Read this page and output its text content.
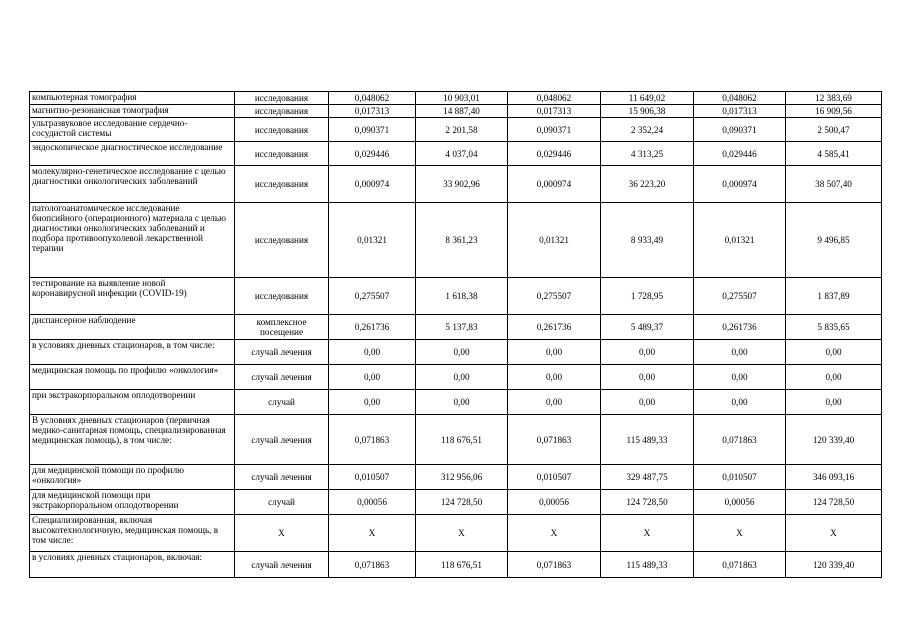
компьютерная томография	исследования	0,048062	10 903,01	0,048062	11 649,02	0,048062	12 383,69
магнитно-резонансная томография	исследования	0,017313	14 887,40	0,017313	15 906,38	0,017313	16 909,56
ультразвуковое исследование сердечно-сосудистой системы	исследования	0,090371	2 201,58	0,090371	2 352,24	0,090371	2 500,47
эндоскопическое диагностическое исследование	исследования	0,029446	4 037,04	0,029446	4 313,25	0,029446	4 585,41
молекулярно-генетическое исследование с целью диагностики онкологических заболеваний	исследования	0,000974	33 902,96	0,000974	36 223,20	0,000974	38 507,40
патологоанатомическое исследование биопсийного (операционного) материала с целью диагностики онкологических заболеваний и подбора противоопухолевой лекарственной терапии	исследования	0,01321	8 361,23	0,01321	8 933,49	0,01321	9 496,85
тестирование на выявление новой коронавирусной инфекции (COVID-19)	исследования	0,275507	1 618,38	0,275507	1 728,95	0,275507	1 837,89
диспансерное наблюдение	комплексное посещение	0,261736	5 137,83	0,261736	5 489,37	0,261736	5 835,65
в условиях дневных стационаров, в том числе:	случай лечения	0,00	0,00	0,00	0,00	0,00	0,00
медицинская помощь по профилю «онкология»	случай лечения	0,00	0,00	0,00	0,00	0,00	0,00
при экстракорпоральном оплодотворении	случай	0,00	0,00	0,00	0,00	0,00	0,00
В условиях дневных стационаров (первичная медико-санитарная помощь, специализированная медицинская помощь), в том числе:	случай лечения	0,071863	118 676,51	0,071863	115 489,33	0,071863	120 339,40
для медицинской помощи по профилю «онкология»	случай лечения	0,010507	312 956,06	0,010507	329 487,75	0,010507	346 093,16
для медицинской помощи при экстракорпоральном оплодотворении	случай	0,00056	124 728,50	0,00056	124 728,50	0,00056	124 728,50
Специализированная, включая высокотехнологичную, медицинская помощь, в том числе:	Х	Х	Х	Х	Х	Х	Х
в условиях дневных стационаров, включая:	случай лечения	0,071863	118 676,51	0,071863	115 489,33	0,071863	120 339,40
